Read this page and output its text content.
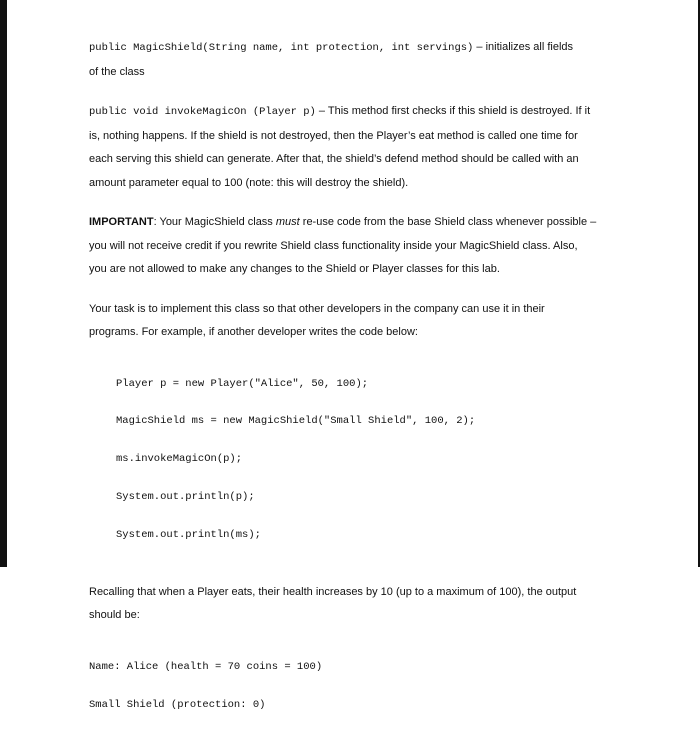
public MagicShield(String name, int protection, int servings) – initializes all fields

of the class

public void invokeMagicOn (Player p) – This method first checks if this shield is destroyed. If it

is, nothing happens. If the shield is not destroyed, then the Player’s eat method is called one time for

each serving this shield can generate. After that, the shield’s defend method should be called with an

amount parameter equal to 100 (note: this will destroy the shield).

IMPORTANT: Your MagicShield class must re-use code from the base Shield class whenever possible –

you will not receive credit if you rewrite Shield class functionality inside your MagicShield class. Also,

you are not allowed to make any changes to the Shield or Player classes for this lab.

Your task is to implement this class so that other developers in the company can use it in their

programs. For example, if another developer writes the code below:

Player p = new Player("Alice", 50, 100);

MagicShield ms = new MagicShield("Small Shield", 100, 2);

ms.invokeMagicOn(p);

System.out.println(p);

System.out.println(ms);

Recalling that when a Player eats, their health increases by 10 (up to a maximum of 100), the output

should be:

Name: Alice (health = 70 coins = 100)

Small Shield (protection: 0)
